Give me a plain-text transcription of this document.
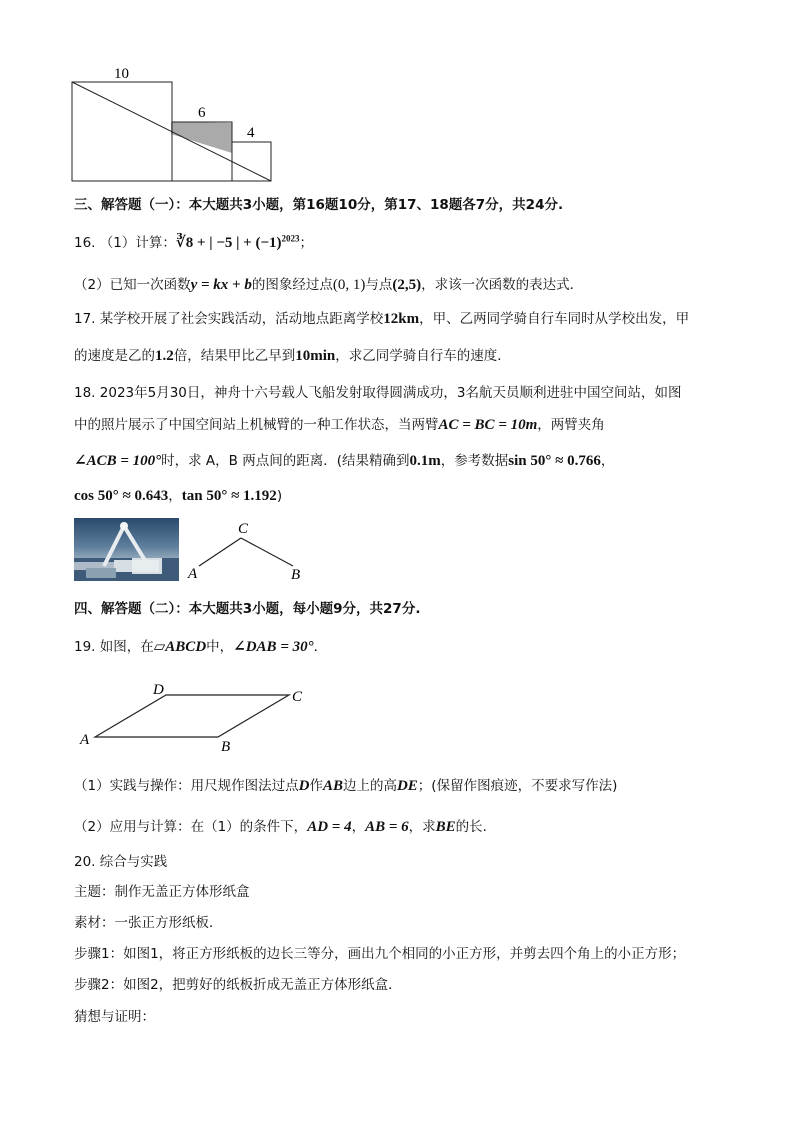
10
6
4
三、解答题（一）：本大题共3小题，第16题10分，第17、18题各7分，共24分.
16. （1）计算：∛8 + | −5 | + $(-1)^{2023}$；
（2）已知一次函数y = kx + b的图象经过点(0, 1)与点(2,5)，求该一次函数的表达式．
17. 某学校开展了社会实践活动，活动地点距离学校12km，甲、乙两同学骑自行车同时从学校出发，甲
的速度是乙的1.2倍，结果甲比乙早到10min，求乙同学骑自行车的速度．
18. 2023年5月30日，神舟十六号载人飞船发射取得圆满成功，3名航天员顺利进驻中国空间站，如图
中的照片展示了中国空间站上机械臂的一种工作状态，当两臂AC = BC = 10m，两臂夹角
∠ACB = 100°时，求 A，B 两点间的距离．(结果精确到0.1m，参考数据sin 50° ≈ 0.766，
cos 50° ≈ 0.643，tan 50° ≈ 1.192)
C
A	B
四、解答题（二）：本大题共3小题，每小题9分，共27分.
19. 如图，在▱ABCD中，∠DAB = 30°．
D	C
A	B
（1）实践与操作：用尺规作图法过点D作AB边上的高DE；(保留作图痕迹，不要求写作法)
（2）应用与计算：在（1）的条件下，AD = 4，AB = 6，求BE的长．
20. 综合与实践
主题：制作无盖正方体形纸盒
素材：一张正方形纸板．
步骤1：如图1，将正方形纸板的边长三等分，画出九个相同的小正方形，并剪去四个角上的小正方形；
步骤2：如图2，把剪好的纸板折成无盖正方体形纸盒．
猜想与证明：
